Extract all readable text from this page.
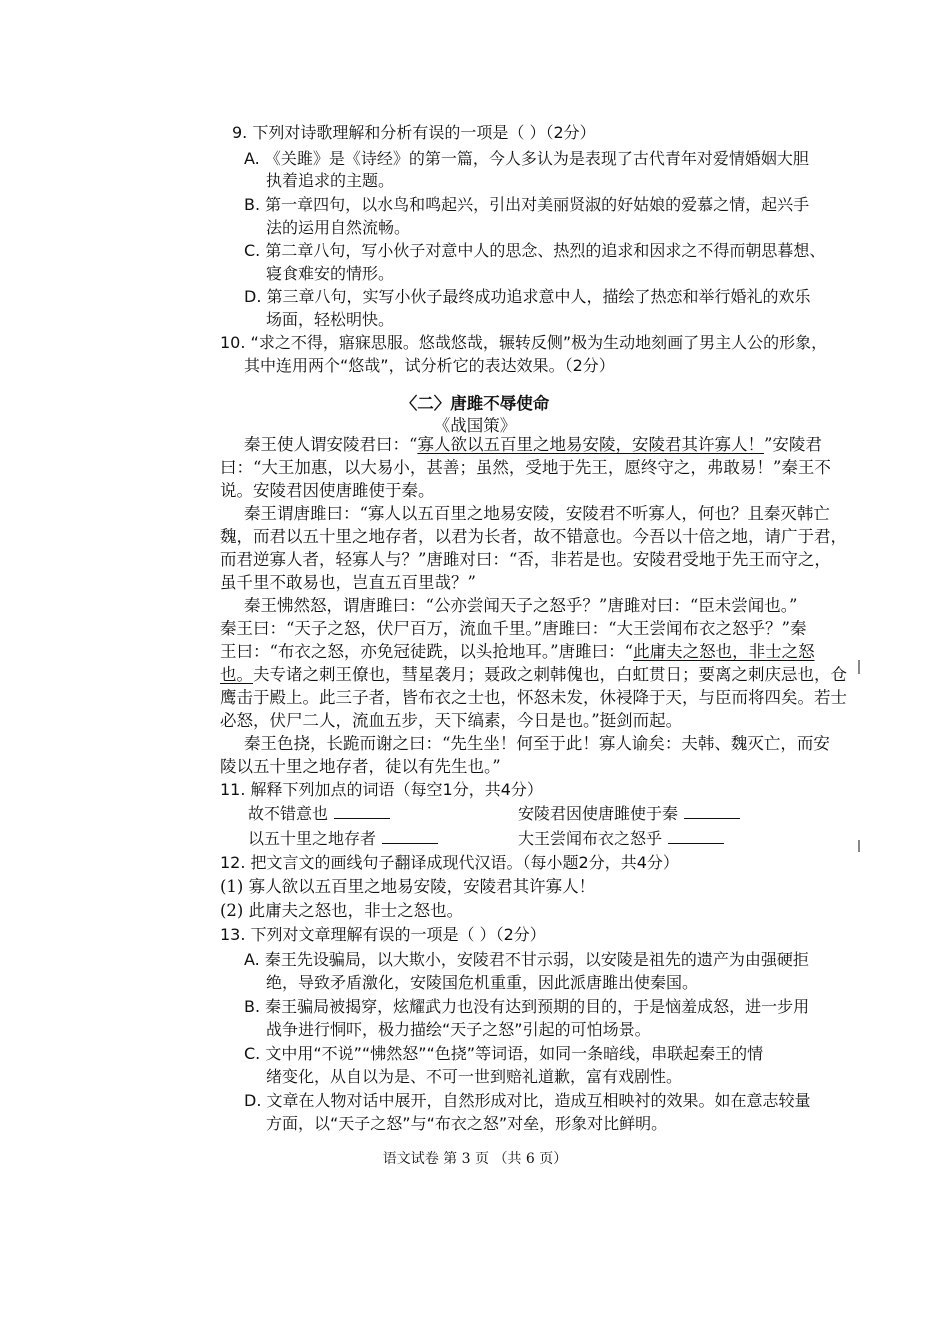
9. 下列对诗歌理解和分析有误的一项是（ ）（2分）
A. 《关雎》是《诗经》的第一篇，今人多认为是表现了古代青年对爱情婚姻大胆
执着追求的主题。
B. 第一章四句，以水鸟和鸣起兴，引出对美丽贤淑的好姑娘的爱慕之情，起兴手
法的运用自然流畅。
C. 第二章八句，写小伙子对意中人的思念、热烈的追求和因求之不得而朝思暮想、
寝食难安的情形。
D. 第三章八句，实写小伙子最终成功追求意中人，描绘了热恋和举行婚礼的欢乐
场面，轻松明快。
10. “求之不得，寤寐思服。悠哉悠哉，辗转反侧”极为生动地刻画了男主人公的形象，
其中连用两个“悠哉”，试分析它的表达效果。（2分）
〈二〉唐雎不辱使命
《战国策》
秦王使人谓安陵君曰：“寡人欲以五百里之地易安陵，安陵君其许寡人！”安陵君
曰：“大王加惠，以大易小，甚善；虽然，受地于先王，愿终守之，弗敢易！”秦王不
说。安陵君因使唐雎使于秦。
秦王谓唐雎曰：“寡人以五百里之地易安陵，安陵君不听寡人，何也？且秦灭韩亡
魏，而君以五十里之地存者，以君为长者，故不错意也。今吾以十倍之地，请广于君，
而君逆寡人者，轻寡人与？”唐雎对曰：“否，非若是也。安陵君受地于先王而守之，
虽千里不敢易也，岂直五百里哉？”
秦王怫然怒，谓唐雎曰：“公亦尝闻天子之怒乎？”唐雎对曰：“臣未尝闻也。”
秦王曰：“天子之怒，伏尸百万，流血千里。”唐雎曰：“大王尝闻布衣之怒乎？”秦
王曰：“布衣之怒，亦免冠徒跣，以头抢地耳。”唐雎曰：“此庸夫之怒也，非士之怒
也。夫专诸之刺王僚也，彗星袭月；聂政之刺韩傀也，白虹贯日；要离之刺庆忌也，仓
鹰击于殿上。此三子者，皆布衣之士也，怀怒未发，休祲降于天，与臣而将四矣。若士
必怒，伏尸二人，流血五步，天下缟素，今日是也。”挺剑而起。
秦王色挠，长跪而谢之曰：“先生坐！何至于此！寡人谕矣：夫韩、魏灭亡，而安
陵以五十里之地存者，徒以有先生也。”
11. 解释下列加点的词语（每空1分，共4分）
故不错意也	安陵君因使唐雎使于秦
以五十里之地存者	大王尝闻布衣之怒乎
12. 把文言文的画线句子翻译成现代汉语。（每小题2分，共4分）
(1) 寡人欲以五百里之地易安陵，安陵君其许寡人！
(2) 此庸夫之怒也，非士之怒也。
13. 下列对文章理解有误的一项是（ ）（2分）
A. 秦王先设骗局，以大欺小，安陵君不甘示弱，以安陵是祖先的遗产为由强硬拒
绝，导致矛盾激化，安陵国危机重重，因此派唐雎出使秦国。
B. 秦王骗局被揭穿，炫耀武力也没有达到预期的目的，于是恼羞成怒，进一步用
战争进行恫吓，极力描绘“天子之怒”引起的可怕场景。
C. 文中用“不说”“怫然怒”“色挠”等词语，如同一条暗线，串联起秦王的情
绪变化，从自以为是、不可一世到赔礼道歉，富有戏剧性。
D. 文章在人物对话中展开，自然形成对比，造成互相映衬的效果。如在意志较量
方面，以“天子之怒”与“布衣之怒”对垒，形象对比鲜明。
语文试卷 第 3 页 （共 6 页）
